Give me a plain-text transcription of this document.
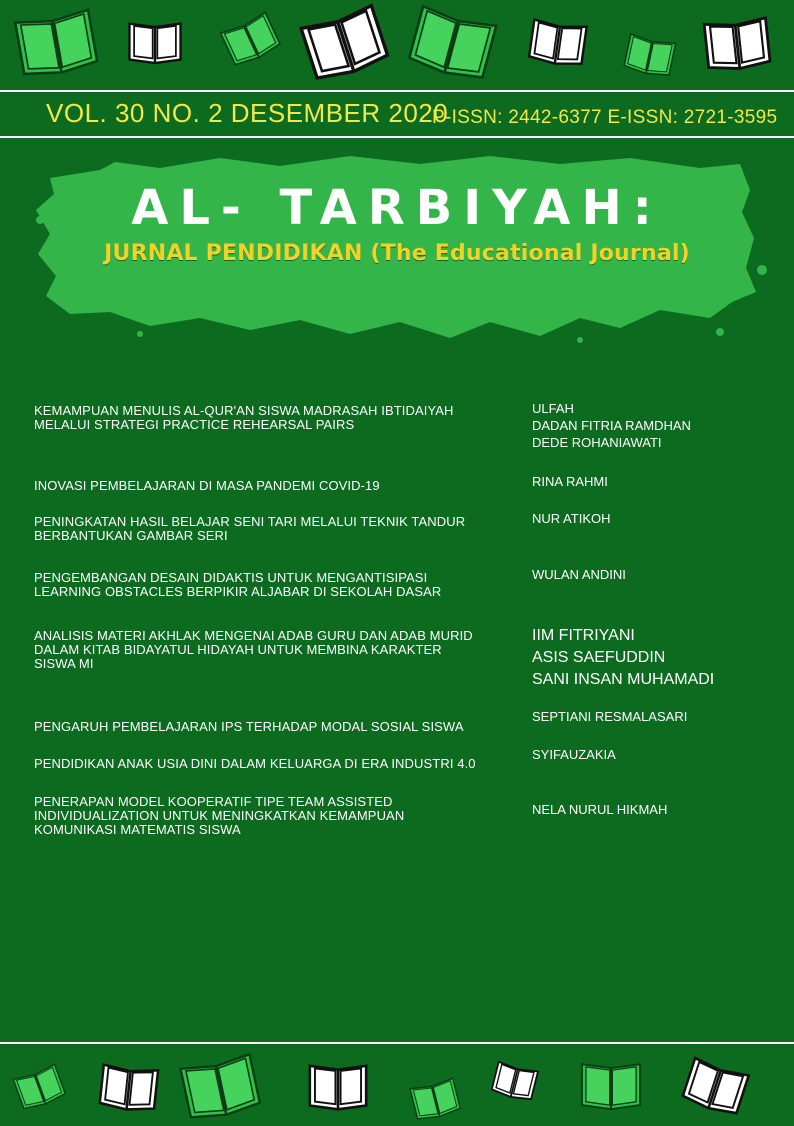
VOL. 30 NO. 2 DESEMBER 2020
P-ISSN: 2442-6377 E-ISSN: 2721-3595
AL- TARBIYAH:
JURNAL PENDIDIKAN (The Educational Journal)
KEMAMPUAN MENULIS AL-QUR'AN SISWA MADRASAH IBTIDAIYAH
MELALUI STRATEGI PRACTICE REHEARSAL PAIRS
ULFAH
DADAN FITRIA RAMDHAN
DEDE ROHANIAWATI
INOVASI PEMBELAJARAN DI MASA PANDEMI COVID-19	RINA RAHMI
PENINGKATAN HASIL BELAJAR SENI TARI MELALUI TEKNIK TANDUR
BERBANTUKAN GAMBAR SERI
NUR ATIKOH
PENGEMBANGAN DESAIN DIDAKTIS UNTUK MENGANTISIPASI
LEARNING OBSTACLES BERPIKIR ALJABAR DI SEKOLAH DASAR
WULAN ANDINI
ANALISIS MATERI AKHLAK MENGENAI ADAB GURU DAN ADAB MURID
DALAM KITAB BIDAYATUL HIDAYAH UNTUK MEMBINA KARAKTER
SISWA MI
IIM FITRIYANI
ASIS SAEFUDDIN
SANI INSAN MUHAMADI
PENGARUH PEMBELAJARAN IPS TERHADAP MODAL SOSIAL SISWA
SEPTIANI RESMALASARI
PENDIDIKAN ANAK USIA DINI DALAM KELUARGA DI ERA INDUSTRI 4.0
SYIFAUZAKIA
PENERAPAN MODEL KOOPERATIF TIPE TEAM ASSISTED
INDIVIDUALIZATION UNTUK MENINGKATKAN KEMAMPUAN
KOMUNIKASI MATEMATIS SISWA
NELA NURUL HIKMAH
